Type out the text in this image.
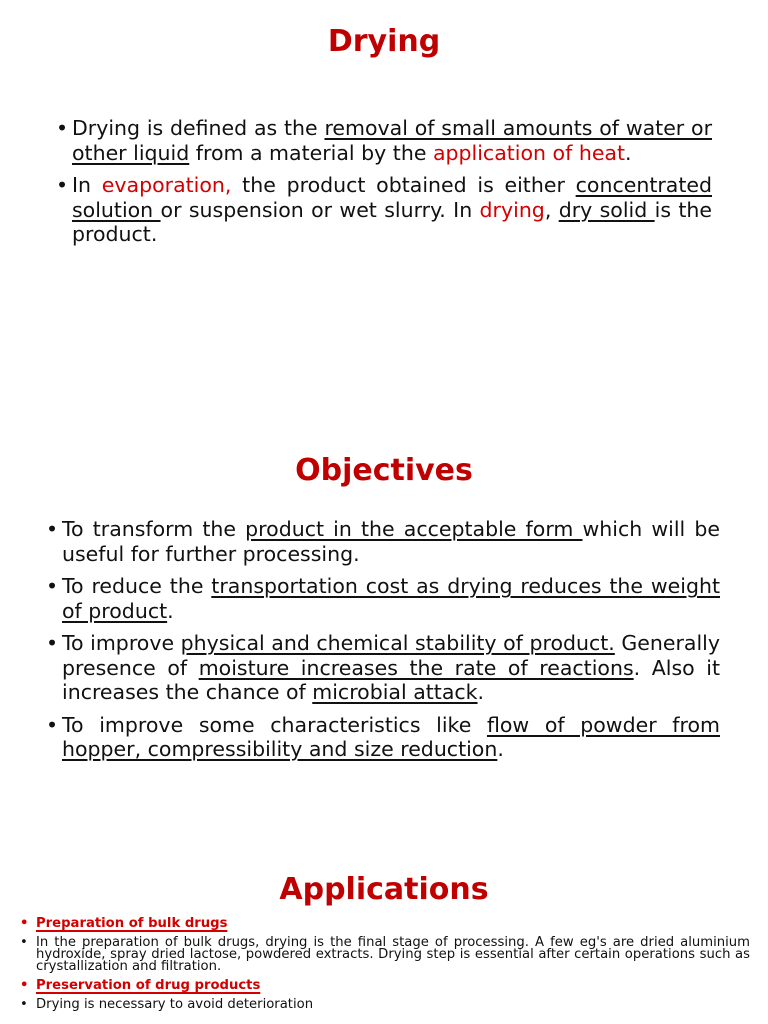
Drying
• Drying is defined as the removal of small amounts of water or other liquid from a material by the application of heat.
• In evaporation, the product obtained is either concentrated solution or suspension or wet slurry. In drying, dry solid is the product.
Objectives
• To transform the product in the acceptable form which will be useful for further processing.
• To reduce the transportation cost as drying reduces the weight of product.
• To improve physical and chemical stability of product. Generally presence of moisture increases the rate of reactions. Also it increases the chance of microbial attack.
• To improve some characteristics like flow of powder from hopper, compressibility and size reduction.
Applications
• Preparation of bulk drugs
• In the preparation of bulk drugs, drying is the final stage of processing. A few eg's are dried aluminium hydroxide, spray dried lactose, powdered extracts. Drying step is essential after certain operations such as crystallization and filtration.
• Preservation of drug products
• Drying is necessary to avoid deterioration
